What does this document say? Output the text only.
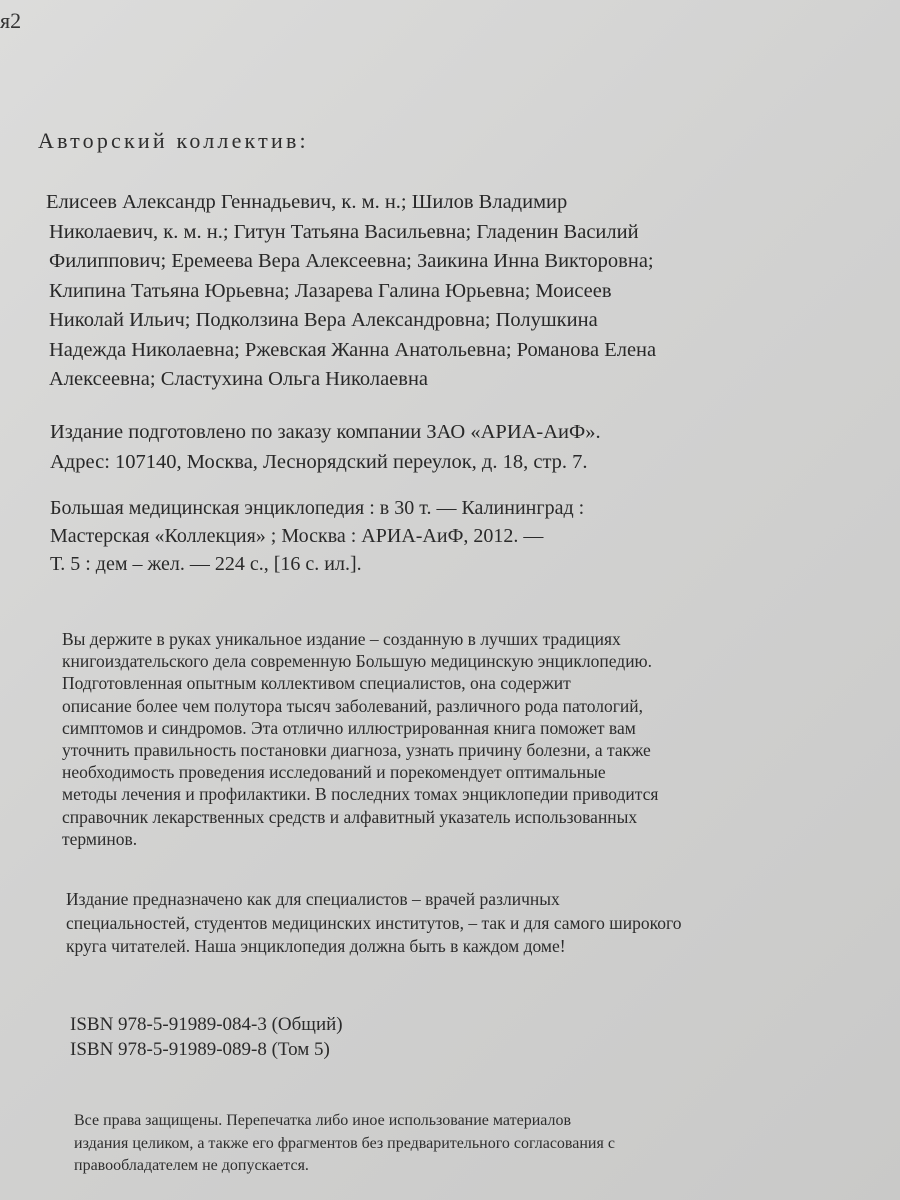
я2
Авторский коллектив:
Елисеев Александр Геннадьевич, к. м. н.; Шилов Владимир
Николаевич, к. м. н.; Гитун Татьяна Васильевна; Гладенин Василий
Филиппович; Еремеева Вера Алексеевна; Заикина Инна Викторовна;
Клипина Татьяна Юрьевна; Лазарева Галина Юрьевна; Моисеев
Николай Ильич; Подколзина Вера Александровна; Полушкина
Надежда Николаевна; Ржевская Жанна Анатольевна; Романова Елена
Алексеевна; Сластухина Ольга Николаевна
Издание подготовлено по заказу компании ЗАО «АРИА-АиФ».
Адрес: 107140, Москва, Леснорядский переулок, д. 18, стр. 7.
Большая медицинская энциклопедия : в 30 т. — Калининград :
Мастерская «Коллекция» ; Москва : АРИА-АиФ, 2012. —
Т. 5 : дем – жел. — 224 с., [16 с. ил.].
Вы держите в руках уникальное издание – созданную в лучших традициях
книгоиздательского дела современную Большую медицинскую энциклопедию.
Подготовленная опытным коллективом специалистов, она содержит
описание более чем полутора тысяч заболеваний, различного рода патологий,
симптомов и синдромов. Эта отлично иллюстрированная книга поможет вам
уточнить правильность постановки диагноза, узнать причину болезни, а также
необходимость проведения исследований и порекомендует оптимальные
методы лечения и профилактики. В последних томах энциклопедии приводится
справочник лекарственных средств и алфавитный указатель использованных
терминов.
Издание предназначено как для специалистов – врачей различных
специальностей, студентов медицинских институтов, – так и для самого широкого
круга читателей. Наша энциклопедия должна быть в каждом доме!
ISBN 978-5-91989-084-3 (Общий)
ISBN 978-5-91989-089-8 (Том 5)
Все права защищены. Перепечатка либо иное использование материалов
издания целиком, а также его фрагментов без предварительного согласования с
правообладателем не допускается.
